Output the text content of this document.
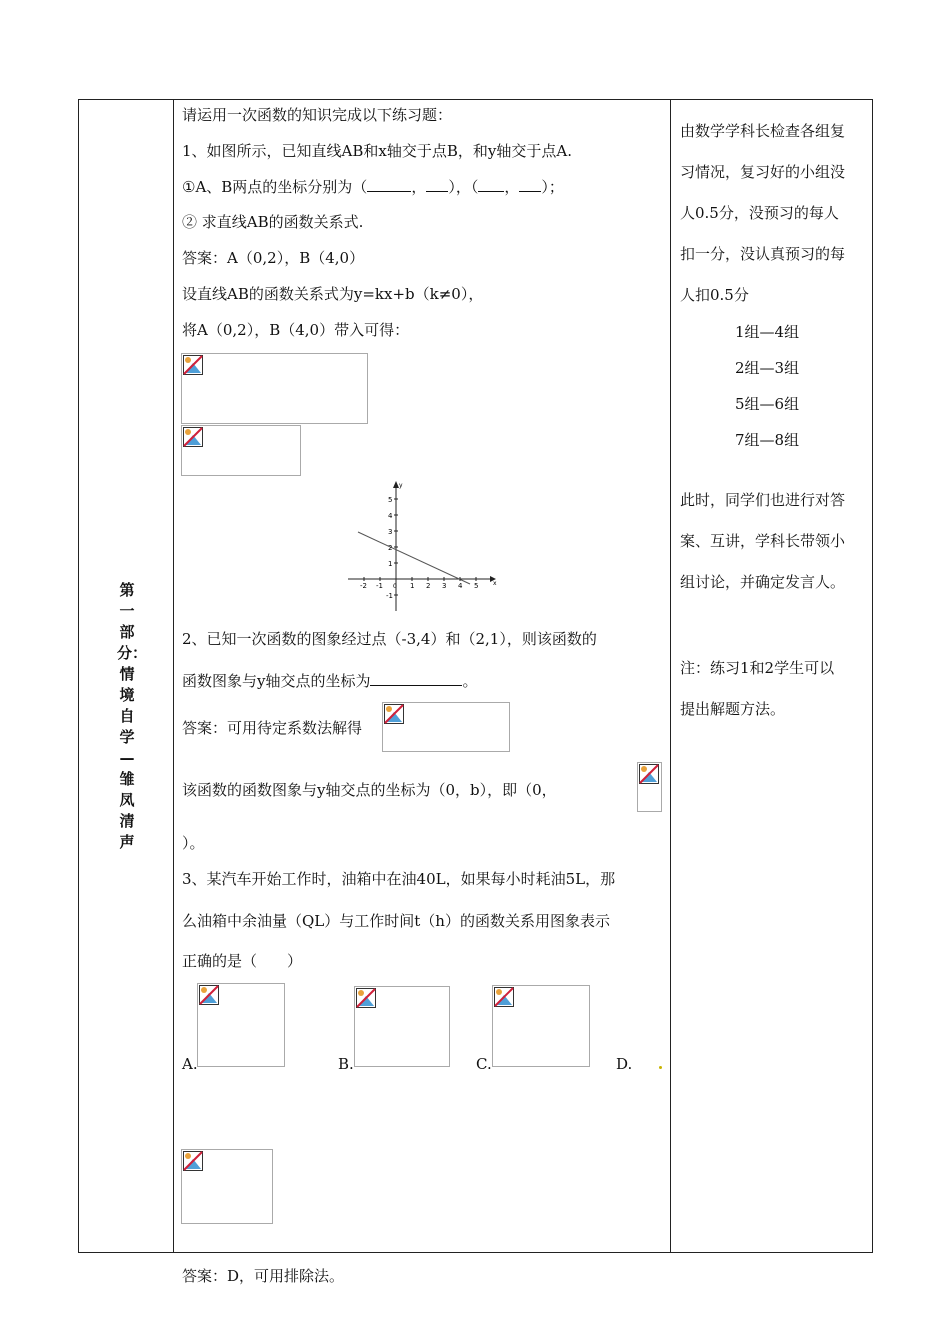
第一部分：情境自学—雏凤清声
请运用一次函数的知识完成以下练习题：
1、如图所示，已知直线AB和x轴交于点B，和y轴交于点A.
①A、B两点的坐标分别为（	， ），（ ， ）；
② 求直线AB的函数关系式.
答案：A（0,2），B（4,0）
设直线AB的函数关系式为y=kx+b（k≠0），
将A（0,2），B（4,0）带入可得：
-2 -1	1 2 3 4 5
5
4
3
2
1
-1
0	x
y
2、已知一次函数的图象经过点（-3,4）和（2,1），则该函数的
函数图象与y轴交点的坐标为	。
答案：可用待定系数法解得
该函数的函数图象与y轴交点的坐标为（0，b），即（0，
）。
3、某汽车开始工作时，油箱中在油40L，如果每小时耗油5L，那
么油箱中余油量（QL）与工作时间t（h）的函数关系用图象表示
正确的是（　　）
A.	B.	C.	D.
由数学学科长检查各组复
习情况，复习好的小组没
人0.5分，没预习的每人
扣一分，没认真预习的每
人扣0.5分
1组—4组
2组—3组
5组—6组
7组—8组
此时，同学们也进行对答
案、互讲，学科长带领小
组讨论，并确定发言人。
注：练习1和2学生可以
提出解题方法。
答案：D，可用排除法。
